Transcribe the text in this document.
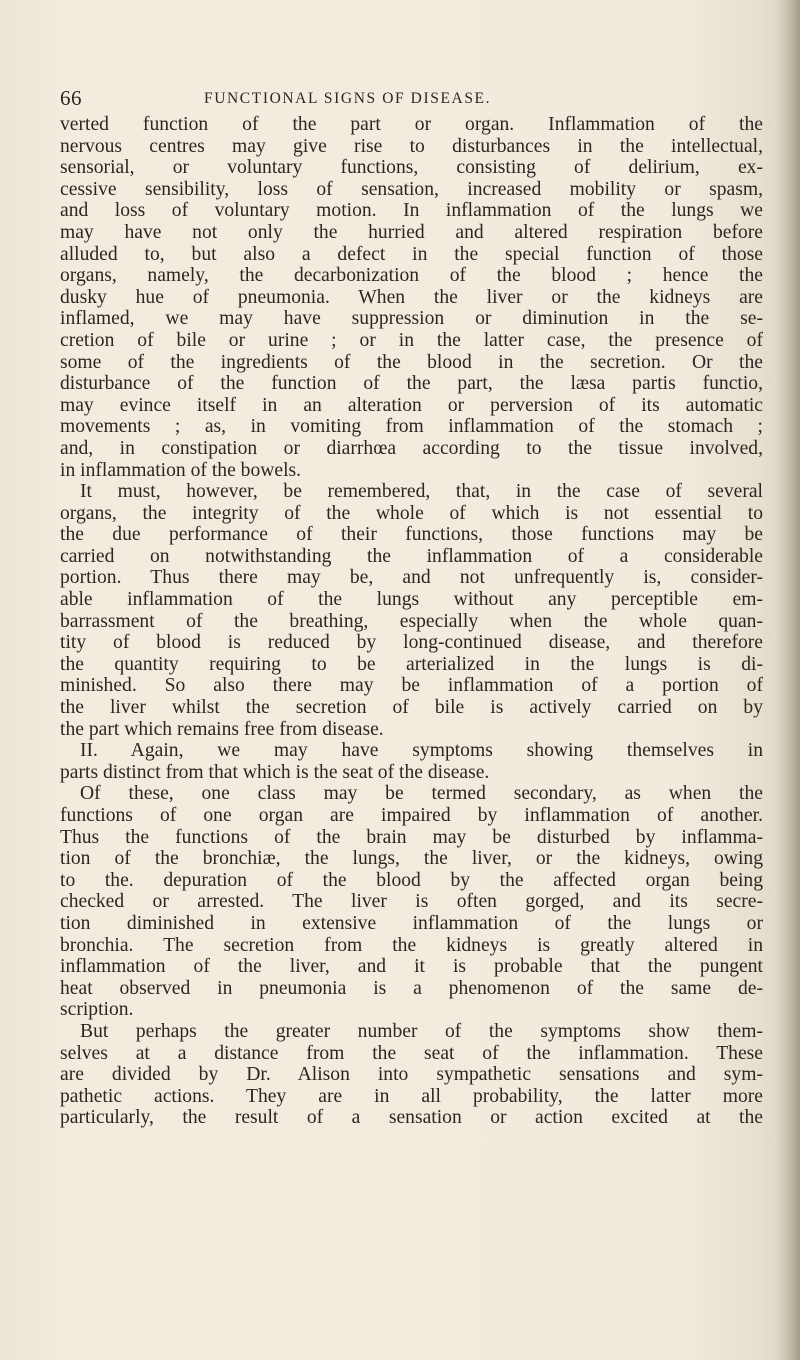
66	FUNCTIONAL SIGNS OF DISEASE.
verted function of the part or organ. Inflammation of the
nervous centres may give rise to disturbances in the intellectual,
sensorial, or voluntary functions, consisting of delirium, ex-
cessive sensibility, loss of sensation, increased mobility or spasm,
and loss of voluntary motion. In inflammation of the lungs we
may have not only the hurried and altered respiration before
alluded to, but also a defect in the special function of those
organs, namely, the decarbonization of the blood ; hence the
dusky hue of pneumonia. When the liver or the kidneys are
inflamed, we may have suppression or diminution in the se-
cretion of bile or urine ; or in the latter case, the presence of
some of the ingredients of the blood in the secretion. Or the
disturbance of the function of the part, the læsa partis functio,
may evince itself in an alteration or perversion of its automatic
movements ; as, in vomiting from inflammation of the stomach ;
and, in constipation or diarrhœa according to the tissue involved,
in inflammation of the bowels.
It must, however, be remembered, that, in the case of several
organs, the integrity of the whole of which is not essential to
the due performance of their functions, those functions may be
carried on notwithstanding the inflammation of a considerable
portion. Thus there may be, and not unfrequently is, consider-
able inflammation of the lungs without any perceptible em-
barrassment of the breathing, especially when the whole quan-
tity of blood is reduced by long-continued disease, and therefore
the quantity requiring to be arterialized in the lungs is di-
minished. So also there may be inflammation of a portion of
the liver whilst the secretion of bile is actively carried on by
the part which remains free from disease.
II. Again, we may have symptoms showing themselves in
parts distinct from that which is the seat of the disease.
Of these, one class may be termed secondary, as when the
functions of one organ are impaired by inflammation of another.
Thus the functions of the brain may be disturbed by inflamma-
tion of the bronchiæ, the lungs, the liver, or the kidneys, owing
to the. depuration of the blood by the affected organ being
checked or arrested. The liver is often gorged, and its secre-
tion diminished in extensive inflammation of the lungs or
bronchia. The secretion from the kidneys is greatly altered in
inflammation of the liver, and it is probable that the pungent
heat observed in pneumonia is a phenomenon of the same de-
scription.
But perhaps the greater number of the symptoms show them-
selves at a distance from the seat of the inflammation. These
are divided by Dr. Alison into sympathetic sensations and sym-
pathetic actions. They are in all probability, the latter more
particularly, the result of a sensation or action excited at the
